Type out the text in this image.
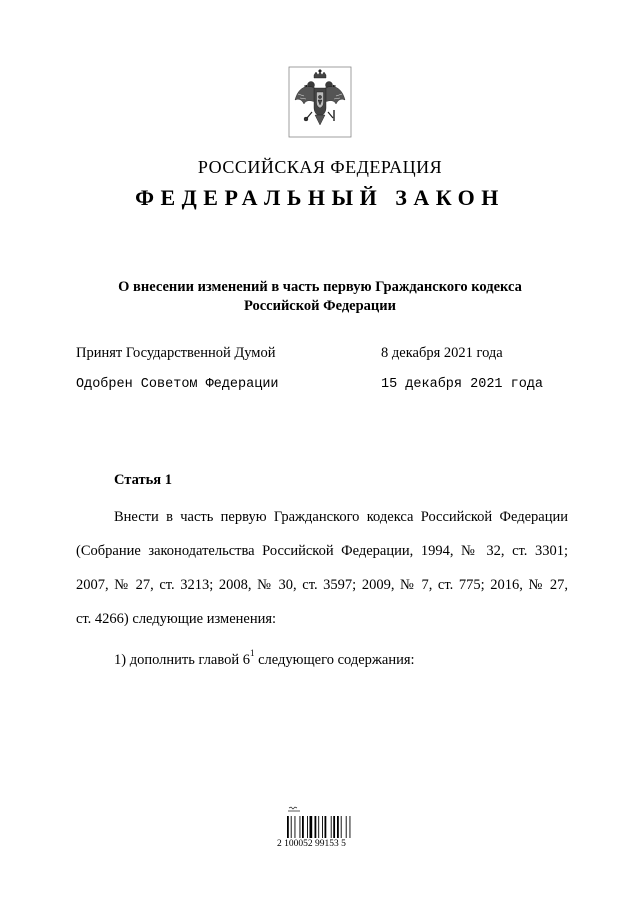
РОССИЙСКАЯ ФЕДЕРАЦИЯ
ФЕДЕРАЛЬНЫЙ ЗАКОН
О внесении изменений в часть первую Гражданского кодекса
Российской Федерации
Принят Государственной Думой	8 декабря 2021 года
Одобрен Советом Федерации	15 декабря 2021 года
Статья 1
Внести в часть первую Гражданского кодекса Российской Федерации
(Собрание законодательства Российской Федерации, 1994, № 32, ст. 3301;
2007, № 27, ст. 3213; 2008, № 30, ст. 3597; 2009, № 7, ст. 775; 2016, № 27,
ст. 4266) следующие изменения:
1) дополнить главой $6^1$ следующего содержания:
2 100052 99153 5
